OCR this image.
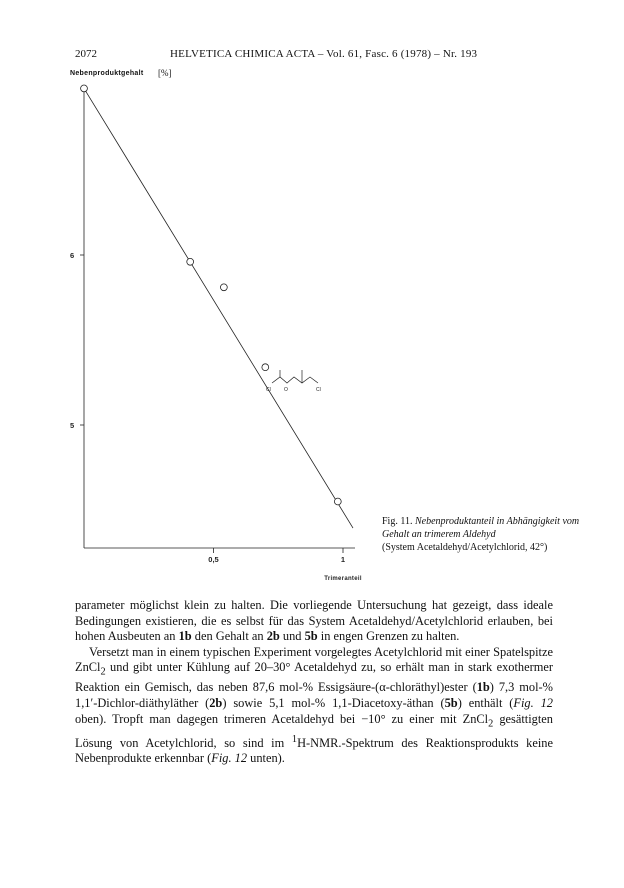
2072	HELVETICA CHIMICA ACTA – Vol. 61, Fasc. 6 (1978) – Nr. 193
Nebenproduktgehalt [%]
6
5
0,5	1
Cl	O	Cl
Trimeranteil
Fig. 11. Nebenproduktanteil in Abhängigkeit vom Gehalt an trimerem Aldehyd
(System Acetaldehyd/Acetylchlorid, 42°)

parameter möglichst klein zu halten. Die vorliegende Untersuchung hat gezeigt, dass ideale Bedingungen existieren, die es selbst für das System Acetaldehyd/Acetylchlorid erlauben, bei hohen Ausbeuten an 1b den Gehalt an 2b und 5b in engen Grenzen zu halten.

Versetzt man in einem typischen Experiment vorgelegtes Acetylchlorid mit einer Spatelspitze ZnCl$_2$ und gibt unter Kühlung auf 20–30° Acetaldehyd zu, so erhält man in stark exothermer Reaktion ein Gemisch, das neben 87,6 mol-% Essigsäure-(α-chloräthyl)ester (1b) 7,3 mol-% 1,1′-Dichlor-diäthyläther (2b) sowie 5,1 mol-% 1,1-Diacetoxy-äthan (5b) enthält (Fig. 12 oben). Tropft man dagegen trimeren Acetaldehyd bei −10° zu einer mit ZnCl$_2$ gesättigten Lösung von Acetylchlorid, so sind im $^1$H-NMR.-Spektrum des Reaktionsprodukts keine Nebenprodukte erkennbar (Fig. 12 unten).
